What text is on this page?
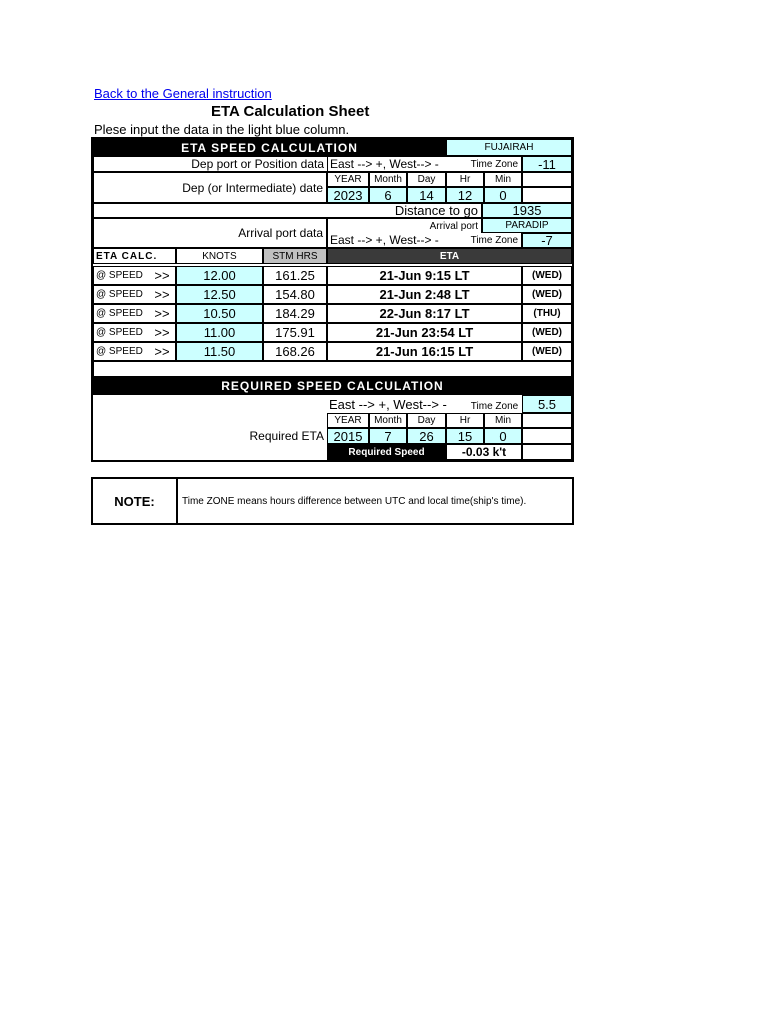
Back to the General instruction
ETA Calculation Sheet
Plese input the data in the light blue column.
ETA SPEED CALCULATION	FUJAIRAH
Dep port or Position data East --> +, West--> -	Time Zone	-11
Dep (or Intermediate) date
YEAR	Month	Day	Hr	Min
2023	6	14	12	0
Distance to go	1935
Arrival port data	Arrival port	PARADIP
East --> +, West--> -	Time Zone	-7
ETA CALC.	KNOTS	STM HRS	ETA
@ SPEED >>	12.00	161.25	21-Jun 9:15 LT	(WED)
@ SPEED >>	12.50	154.80	21-Jun 2:48 LT	(WED)
@ SPEED >>	10.50	184.29	22-Jun 8:17 LT	(THU)
@ SPEED >>	11.00	175.91	21-Jun 23:54 LT	(WED)
@ SPEED >>	11.50	168.26	21-Jun 16:15 LT	(WED)
REQUIRED SPEED CALCULATION
East --> +, West--> -	Time Zone	5.5
YEAR	Month	Day	Hr	Min
Required ETA 2015	7	26	15	0
Required Speed	-0.03 k't
NOTE:	Time ZONE means hours difference between UTC and local time(ship's time).
